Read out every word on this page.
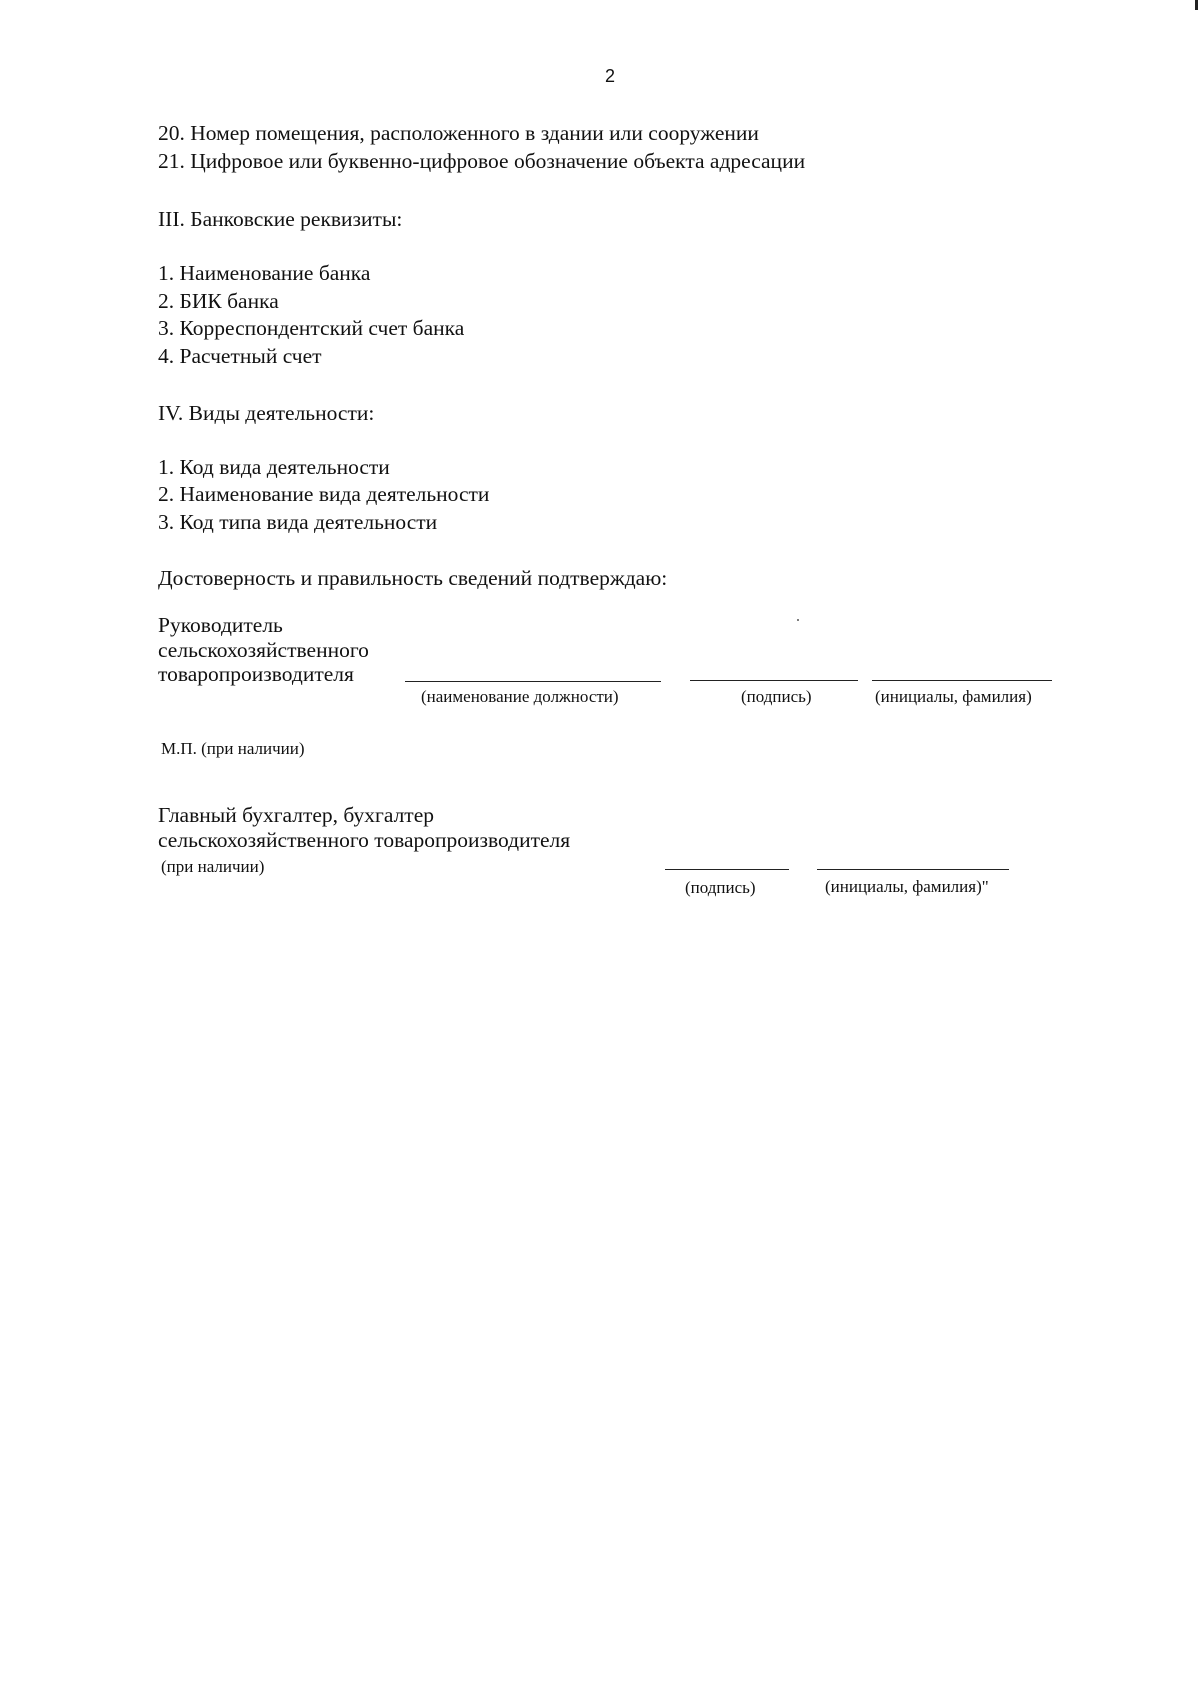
2
20. Номер помещения, расположенного в здании или сооружении
21. Цифровое или буквенно-цифровое обозначение объекта адресации
III. Банковские реквизиты:
1. Наименование банка
2. БИК банка
3. Корреспондентский счет банка
4. Расчетный счет
IV. Виды деятельности:
1. Код вида деятельности
2. Наименование вида деятельности
3. Код типа вида деятельности
Достоверность и правильность сведений подтверждаю:
Руководитель
сельскохозяйственного
товаропроизводителя
(наименование должности)	(подпись)	(инициалы, фамилия)
М.П. (при наличии)
Главный бухгалтер, бухгалтер
сельскохозяйственного товаропроизводителя
(при наличии)
(подпись)	(инициалы, фамилия)"
